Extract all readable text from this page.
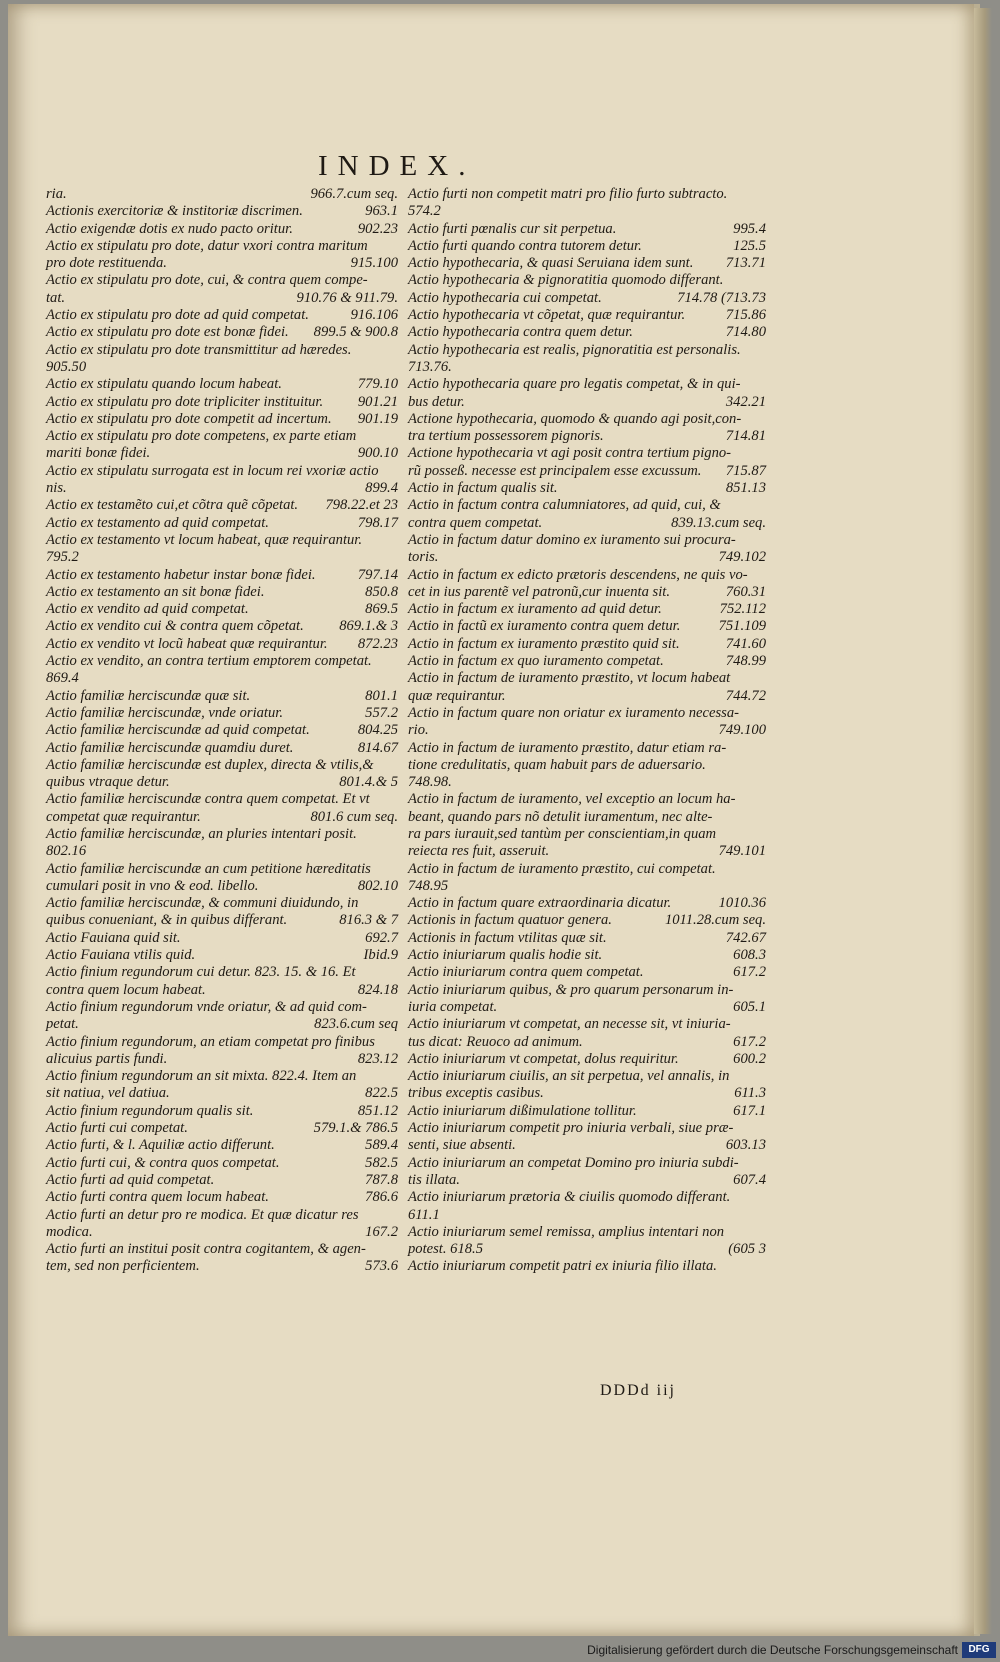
INDEX.
966.7.cum seq.
ria.
963.1
Actionis exercitoriæ & institoriæ discrimen.
902.23
Actio exigendæ dotis ex nudo pacto oritur.
Actio ex stipulatu pro dote, datur vxori contra maritum
915.100
pro dote restituenda.
Actio ex stipulatu pro dote, cui, & contra quem compe-
910.76 & 911.79.
tat.
916.106
Actio ex stipulatu pro dote ad quid competat.
899.5 & 900.8
Actio ex stipulatu pro dote est bonæ fidei.
Actio ex stipulatu pro dote transmittitur ad hæredes.
905.50
779.10
Actio ex stipulatu quando locum habeat.
901.21
Actio ex stipulatu pro dote tripliciter instituitur.
901.19
Actio ex stipulatu pro dote competit ad incertum.
Actio ex stipulatu pro dote competens, ex parte etiam
900.10
mariti bonæ fidei.
Actio ex stipulatu surrogata est in locum rei vxoriæ actio
899.4
nis.
798.22.et 23
Actio ex testamẽto cui,et cõtra quẽ cõpetat.
798.17
Actio ex testamento ad quid competat.
Actio ex testamento vt locum habeat, quæ requirantur.
795.2
797.14
Actio ex testamento habetur instar bonæ fidei.
850.8
Actio ex testamento an sit bonæ fidei.
869.5
Actio ex vendito ad quid competat.
869.1.& 3
Actio ex vendito cui & contra quem cõpetat.
872.23
Actio ex vendito vt locũ habeat quæ requirantur.
Actio ex vendito, an contra tertium emptorem competat.
869.4
801.1
Actio familiæ herciscundæ quæ sit.
557.2
Actio familiæ herciscundæ, vnde oriatur.
804.25
Actio familiæ herciscundæ ad quid competat.
814.67
Actio familiæ herciscundæ quamdiu duret.
Actio familiæ herciscundæ est duplex, directa & vtilis,&
801.4.& 5
quibus vtraque detur.
Actio familiæ herciscundæ contra quem competat. Et vt
801.6 cum seq.
competat quæ requirantur.
Actio familiæ herciscundæ, an pluries intentari posit.
802.16
Actio familiæ herciscundæ an cum petitione hæreditatis
802.10
cumulari posit in vno & eod. libello.
Actio familiæ herciscundæ, & communi diuidundo, in
816.3 & 7
quibus conueniant, & in quibus differant.
692.7
Actio Fauiana quid sit.
Ibid.9
Actio Fauiana vtilis quid.
Actio finium regundorum cui detur. 823. 15. & 16. Et
824.18
contra quem locum habeat.
Actio finium regundorum vnde oriatur, & ad quid com-
823.6.cum seq
petat.
Actio finium regundorum, an etiam competat pro finibus
823.12
alicuius partis fundi.
Actio finium regundorum an sit mixta. 822.4. Item an
822.5
sit natiua, vel datiua.
851.12
Actio finium regundorum qualis sit.
579.1.& 786.5
Actio furti cui competat.
589.4
Actio furti, & l. Aquiliæ actio differunt.
582.5
Actio furti cui, & contra quos competat.
787.8
Actio furti ad quid competat.
786.6
Actio furti contra quem locum habeat.
Actio furti an detur pro re modica. Et quæ dicatur res
167.2
modica.
Actio furti an institui posit contra cogitantem, & agen-
573.6
tem, sed non perficientem.
Actio furti non competit matri pro filio furto subtracto.
574.2
995.4
Actio furti pœnalis cur sit perpetua.
125.5
Actio furti quando contra tutorem detur.
713.71
Actio hypothecaria, & quasi Seruiana idem sunt.
Actio hypothecaria & pignoratitia quomodo differant.
714.78 (713.73
Actio hypothecaria cui competat.
715.86
Actio hypothecaria vt cõpetat, quæ requirantur.
714.80
Actio hypothecaria contra quem detur.
Actio hypothecaria est realis, pignoratitia est personalis.
713.76.
Actio hypothecaria quare pro legatis competat, & in qui-
342.21
bus detur.
Actione hypothecaria, quomodo & quando agi posit,con-
714.81
tra tertium possessorem pignoris.
Actione hypothecaria vt agi posit contra tertium pigno-
715.87
rũ posseß. necesse est principalem esse excussum.
851.13
Actio in factum qualis sit.
Actio in factum contra calumniatores, ad quid, cui, &
839.13.cum seq.
contra quem competat.
Actio in factum datur domino ex iuramento sui procura-
749.102
toris.
Actio in factum ex edicto prætoris descendens, ne quis vo-
760.31
cet in ius parentẽ vel patronũ,cur inuenta sit.
752.112
Actio in factum ex iuramento ad quid detur.
751.109
Actio in factũ ex iuramento contra quem detur.
741.60
Actio in factum ex iuramento præstito quid sit.
748.99
Actio in factum ex quo iuramento competat.
Actio in factum de iuramento præstito, vt locum habeat
744.72
quæ requirantur.
Actio in factum quare non oriatur ex iuramento necessa-
749.100
rio.
Actio in factum de iuramento præstito, datur etiam ra-
tione credulitatis, quam habuit pars de aduersario.
748.98.
Actio in factum de iuramento, vel exceptio an locum ha-
beant, quando pars nõ detulit iuramentum, nec alte-
ra pars iurauit,sed tantùm per conscientiam,in quam
749.101
reiecta res fuit, asseruit.
Actio in factum de iuramento præstito, cui competat.
748.95
1010.36
Actio in factum quare extraordinaria dicatur.
1011.28.cum seq.
Actionis in factum quatuor genera.
742.67
Actionis in factum vtilitas quæ sit.
608.3
Actio iniuriarum qualis hodie sit.
617.2
Actio iniuriarum contra quem competat.
Actio iniuriarum quibus, & pro quarum personarum in-
605.1
iuria competat.
Actio iniuriarum vt competat, an necesse sit, vt iniuria-
617.2
tus dicat: Reuoco ad animum.
600.2
Actio iniuriarum vt competat, dolus requiritur.
Actio iniuriarum ciuilis, an sit perpetua, vel annalis, in
611.3
tribus exceptis casibus.
617.1
Actio iniuriarum dißimulatione tollitur.
Actio iniuriarum competit pro iniuria verbali, siue præ-
603.13
senti, siue absenti.
Actio iniuriarum an competat Domino pro iniuria subdi-
607.4
tis illata.
Actio iniuriarum prætoria & ciuilis quomodo differant.
611.1
Actio iniuriarum semel remissa, amplius intentari non
(605 3
potest. 618.5
Actio iniuriarum competit patri ex iniuria filio illata.
DDDd iij
Digitalisierung gefördert durch die Deutsche Forschungsgemeinschaft	DFG
